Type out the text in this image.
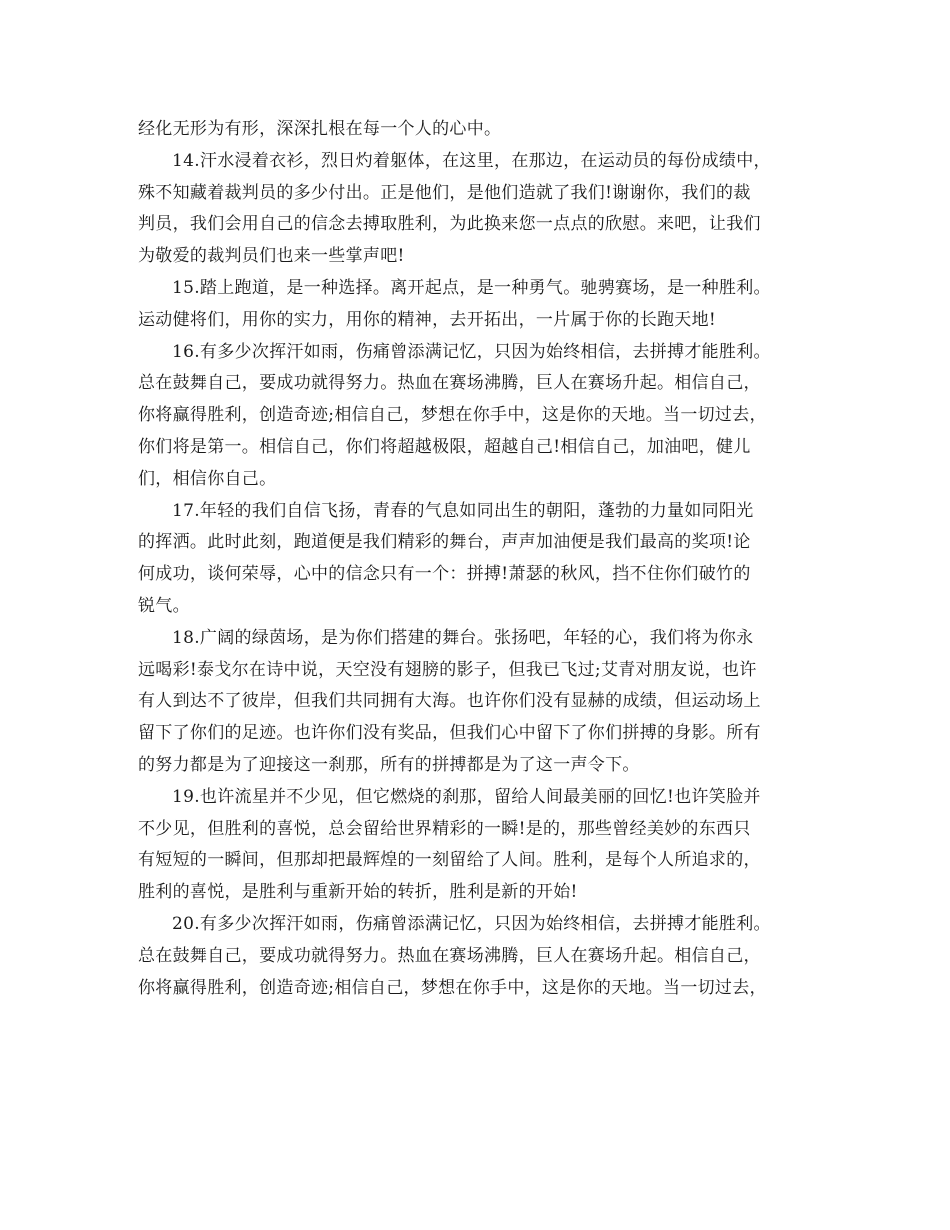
经化无形为有形，深深扎根在每一个人的心中。
14.汗水浸着衣衫，烈日灼着躯体，在这里，在那边，在运动员的每份成绩中，
殊不知藏着裁判员的多少付出。正是他们，是他们造就了我们!谢谢你，我们的裁
判员，我们会用自己的信念去搏取胜利，为此换来您一点点的欣慰。来吧，让我们
为敬爱的裁判员们也来一些掌声吧!
15.踏上跑道，是一种选择。离开起点，是一种勇气。驰骋赛场，是一种胜利。
运动健将们，用你的实力，用你的精神，去开拓出，一片属于你的长跑天地!
16.有多少次挥汗如雨，伤痛曾添满记忆，只因为始终相信，去拼搏才能胜利。
总在鼓舞自己，要成功就得努力。热血在赛场沸腾，巨人在赛场升起。相信自己，
你将赢得胜利，创造奇迹;相信自己，梦想在你手中，这是你的天地。当一切过去，
你们将是第一。相信自己，你们将超越极限，超越自己!相信自己，加油吧，健儿
们，相信你自己。
17.年轻的我们自信飞扬，青春的气息如同出生的朝阳，蓬勃的力量如同阳光
的挥洒。此时此刻，跑道便是我们精彩的舞台，声声加油便是我们最高的奖项!论
何成功，谈何荣辱，心中的信念只有一个：拼搏!萧瑟的秋风，挡不住你们破竹的
锐气。
18.广阔的绿茵场，是为你们搭建的舞台。张扬吧，年轻的心，我们将为你永
远喝彩!泰戈尔在诗中说，天空没有翅膀的影子，但我已飞过;艾青对朋友说，也许
有人到达不了彼岸，但我们共同拥有大海。也许你们没有显赫的成绩，但运动场上
留下了你们的足迹。也许你们没有奖品，但我们心中留下了你们拼搏的身影。所有
的努力都是为了迎接这一刹那，所有的拼搏都是为了这一声令下。
19.也许流星并不少见，但它燃烧的刹那，留给人间最美丽的回忆!也许笑脸并
不少见，但胜利的喜悦，总会留给世界精彩的一瞬!是的，那些曾经美妙的东西只
有短短的一瞬间，但那却把最辉煌的一刻留给了人间。胜利，是每个人所追求的，
胜利的喜悦，是胜利与重新开始的转折，胜利是新的开始!
20.有多少次挥汗如雨，伤痛曾添满记忆，只因为始终相信，去拼搏才能胜利。
总在鼓舞自己，要成功就得努力。热血在赛场沸腾，巨人在赛场升起。相信自己，
你将赢得胜利，创造奇迹;相信自己，梦想在你手中，这是你的天地。当一切过去，
